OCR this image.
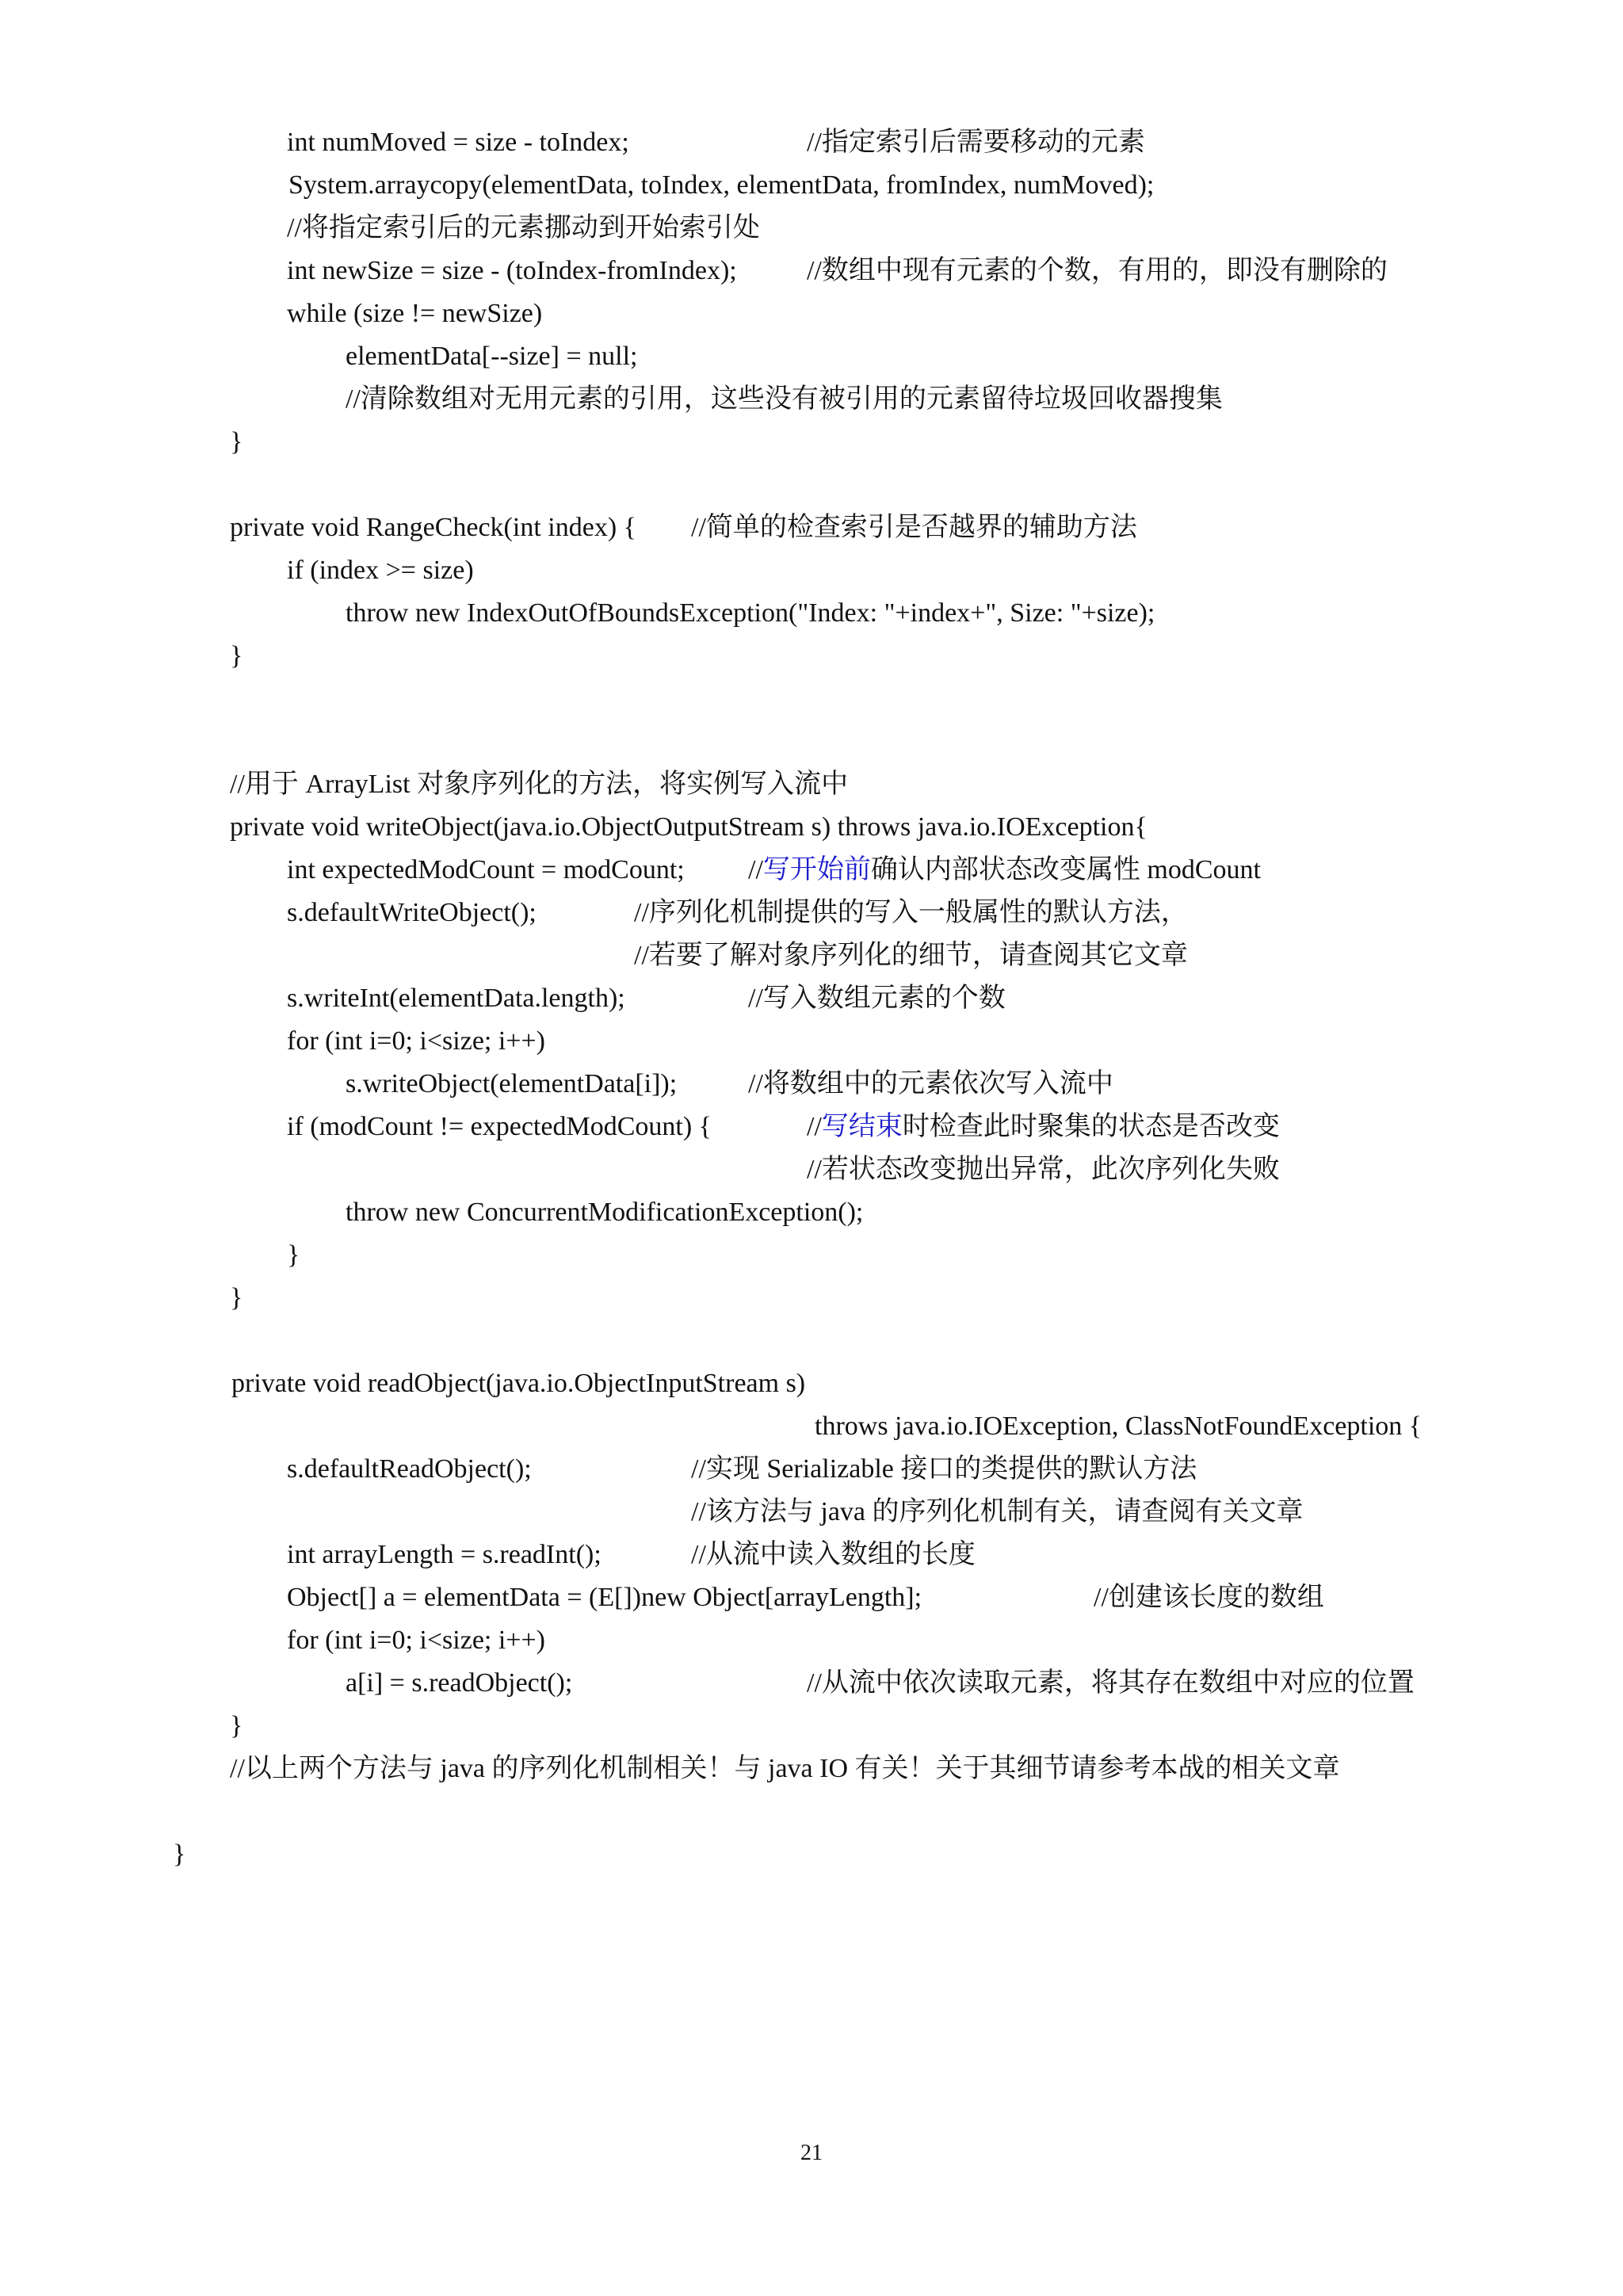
int numMoved = size - toIndex;	//指定索引后需要移动的元素
System.arraycopy(elementData, toIndex, elementData, fromIndex, numMoved);
//将指定索引后的元素挪动到开始索引处
int newSize = size - (toIndex-fromIndex);	//数组中现有元素的个数，有用的，即没有删除的
while (size != newSize)
elementData[--size] = null;
//清除数组对无用元素的引用，这些没有被引用的元素留待垃圾回收器搜集
}
private void RangeCheck(int index) { //简单的检查索引是否越界的辅助方法
if (index >= size)
throw new IndexOutOfBoundsException("Index: "+index+", Size: "+size);
}
//用于 ArrayList 对象序列化的方法，将实例写入流中
private void writeObject(java.io.ObjectOutputStream s) throws java.io.IOException{
int expectedModCount = modCount; //写开始前确认内部状态改变属性 modCount
s.defaultWriteObject();	//序列化机制提供的写入一般属性的默认方法，
//若要了解对象序列化的细节，请查阅其它文章
s.writeInt(elementData.length);	//写入数组元素的个数
for (int i=0; i<size; i++)
s.writeObject(elementData[i]);	//将数组中的元素依次写入流中
if (modCount != expectedModCount) {	//写结束时检查此时聚集的状态是否改变
//若状态改变抛出异常，此次序列化失败
throw new ConcurrentModificationException();
}
}
private void readObject(java.io.ObjectInputStream s)
throws java.io.IOException, ClassNotFoundException {
s.defaultReadObject();	//实现 Serializable 接口的类提供的默认方法
//该方法与 java 的序列化机制有关，请查阅有关文章
int arrayLength = s.readInt();	//从流中读入数组的长度
Object[] a = elementData = (E[])new Object[arrayLength];	//创建该长度的数组
for (int i=0; i<size; i++)
a[i] = s.readObject();	//从流中依次读取元素，将其存在数组中对应的位置
}
//以上两个方法与 java 的序列化机制相关！与 java IO 有关！关于其细节请参考本战的相关文章
}
21
